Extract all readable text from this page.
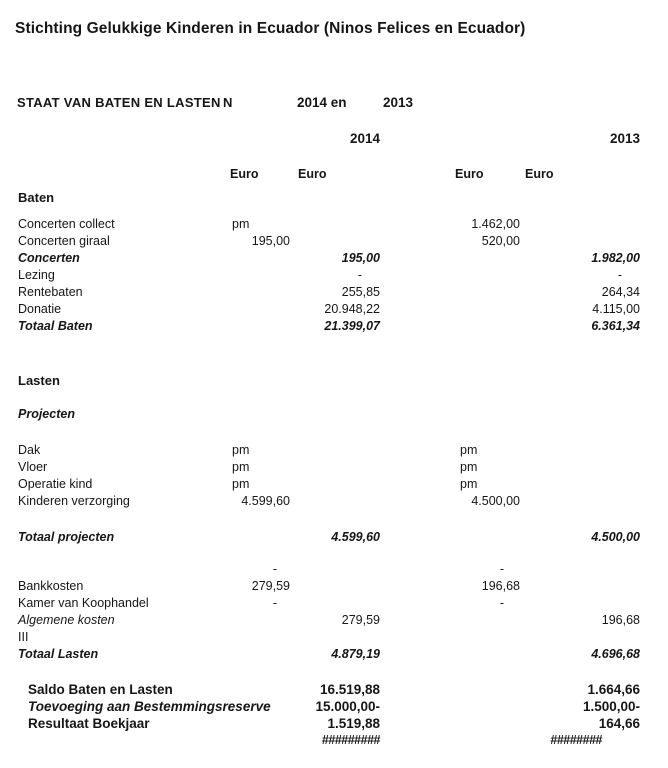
Stichting Gelukkige Kinderen in Ecuador (Ninos Felices en Ecuador)
STAAT VAN BATEN EN LASTEN N	2014 en	2013
2014	2013
Euro	Euro	Euro	Euro
Baten
Concerten collect	pm	1.462,00
Concerten giraal	195,00	520,00
Concerten	195,00	1.982,00
Lezing	-	-
Rentebaten	255,85	264,34
Donatie	20.948,22	4.115,00
Totaal Baten	21.399,07	6.361,34
Lasten
Projecten
Dak	pm	pm
Vloer	pm	pm
Operatie kind	pm	pm
Kinderen verzorging	4.599,60	4.500,00
Totaal projecten	4.599,60	4.500,00
-	-
Bankkosten	279,59	196,68
Kamer van Koophandel	-	-
Algemene kosten	279,59	196,68
III
Totaal Lasten	4.879,19	4.696,68
Saldo Baten en Lasten	16.519,88	1.664,66
Toevoeging aan Bestemmingsreserve	15.000,00-	1.500,00-
Resultaat Boekjaar	1.519,88	164,66
#########	########
